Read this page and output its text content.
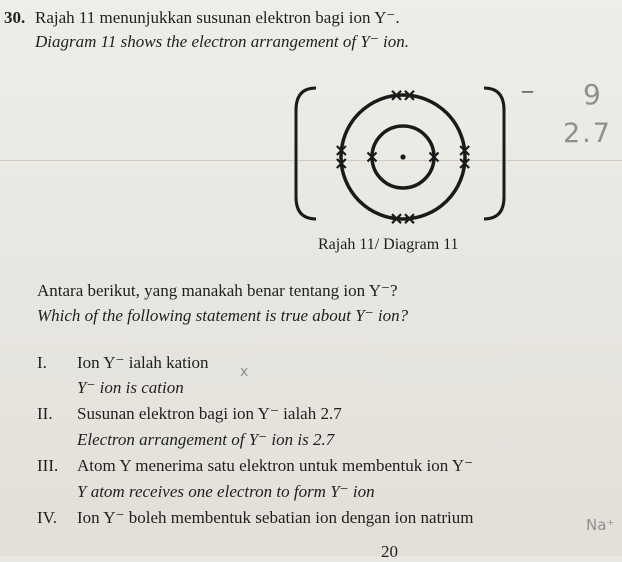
30. Rajah 11 menunjukkan susunan elektron bagi ion Y⁻.
Diagram 11 shows the electron arrangement of Y⁻ ion.
Rajah 11/ Diagram 11
– 9
2.7
x
Na⁺
Antara berikut, yang manakah benar tentang ion Y⁻?
Which of the following statement is true about Y⁻ ion?
I. Ion Y⁻ ialah kation
Y⁻ ion is cation
II. Susunan elektron bagi ion Y⁻ ialah 2.7
Electron arrangement of Y⁻ ion is 2.7
III. Atom Y menerima satu elektron untuk membentuk ion Y⁻
Y atom receives one electron to form Y⁻ ion
IV. Ion Y⁻ boleh membentuk sebatian ion dengan ion natrium
20
